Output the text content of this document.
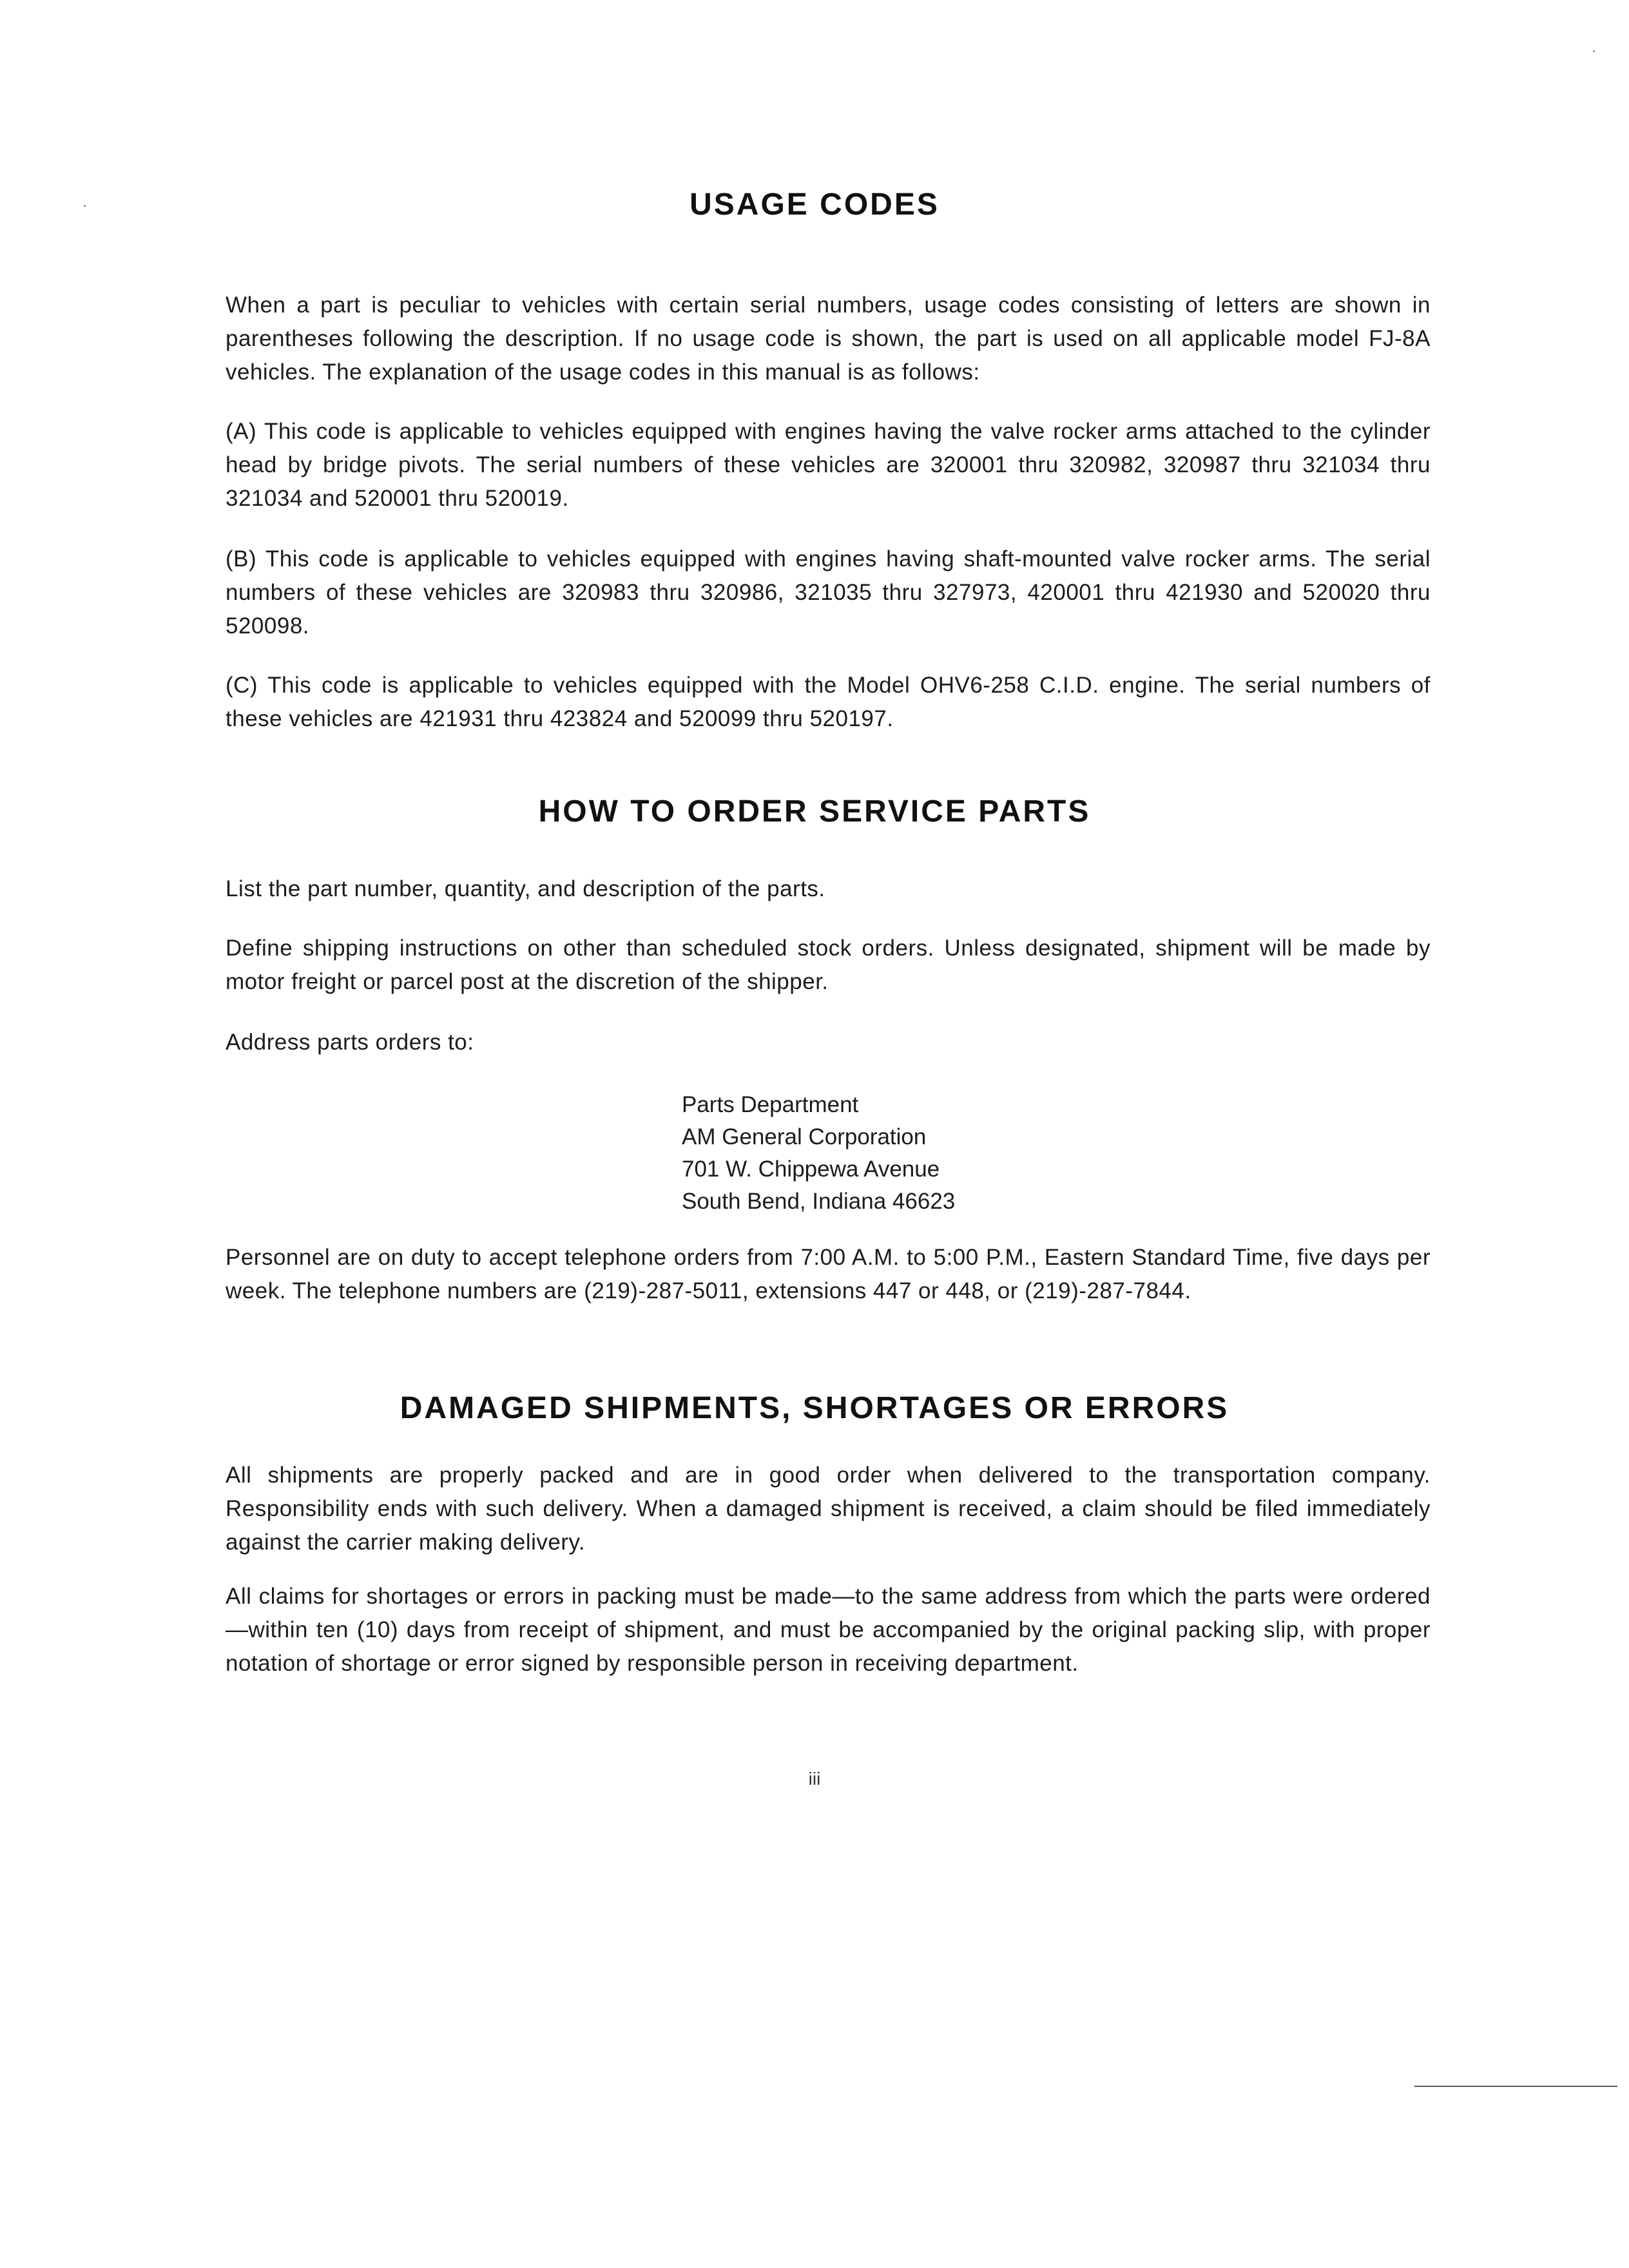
USAGE CODES

When a part is peculiar to vehicles with certain serial numbers, usage codes consisting of letters are shown in parentheses following the description. If no usage code is shown, the part is used on all applicable model FJ-8A vehicles. The explanation of the usage codes in this manual is as follows:

(A) This code is applicable to vehicles equipped with engines having the valve rocker arms attached to the cylinder head by bridge pivots. The serial numbers of these vehicles are 320001 thru 320982, 320987 thru 321034 thru 321034 and 520001 thru 520019.

(B) This code is applicable to vehicles equipped with engines having shaft-mounted valve rocker arms. The serial numbers of these vehicles are 320983 thru 320986, 321035 thru 327973, 420001 thru 421930 and 520020 thru 520098.

(C) This code is applicable to vehicles equipped with the Model OHV6-258 C.I.D. engine. The serial numbers of these vehicles are 421931 thru 423824 and 520099 thru 520197.

HOW TO ORDER SERVICE PARTS

List the part number, quantity, and description of the parts.

Define shipping instructions on other than scheduled stock orders. Unless designated, shipment will be made by motor freight or parcel post at the discretion of the shipper.

Address parts orders to:

Parts Department
AM General Corporation
701 W. Chippewa Avenue
South Bend, Indiana 46623

Personnel are on duty to accept telephone orders from 7:00 A.M. to 5:00 P.M., Eastern Standard Time, five days per week. The telephone numbers are (219)-287-5011, extensions 447 or 448, or (219)-287-7844.

DAMAGED SHIPMENTS, SHORTAGES OR ERRORS

All shipments are properly packed and are in good order when delivered to the transportation company. Responsibility ends with such delivery. When a damaged shipment is received, a claim should be filed immediately against the carrier making delivery.

All claims for shortages or errors in packing must be made—to the same address from which the parts were ordered—within ten (10) days from receipt of shipment, and must be accompanied by the original packing slip, with proper notation of shortage or error signed by responsible person in receiving department.

iii
